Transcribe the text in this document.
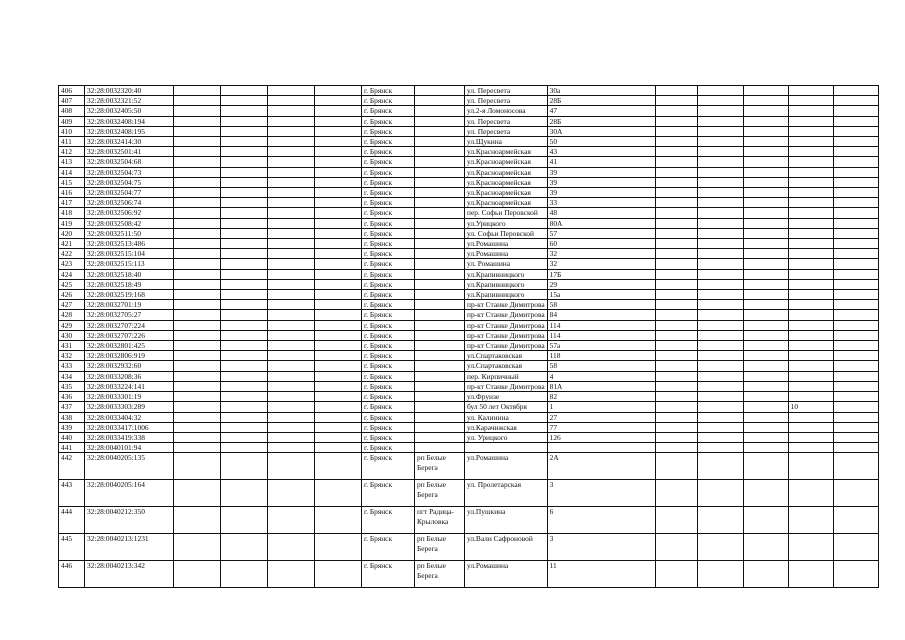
406	32:28:0032320:40					г. Брянск		ул. Пересвета	30а					
407	32:28:0032321:52					г. Брянск		ул. Пересвета	28Б					
408	32:28:0032405:50					г. Брянск		ул.2-я Ломоносова	47					
409	32:28:0032408:194					г. Брянск		ул. Пересвета	28Б					
410	32:28:0032408:195					г. Брянск		ул. Пересвета	30А					
411	32:28:0032414:30					г. Брянск		ул.Щукина	50					
412	32:28:0032501:41					г. Брянск		ул.Красноармейская	43					
413	32:28:0032504:68					г. Брянск		ул.Красноармейская	41					
414	32:28:0032504:73					г. Брянск		ул.Красноармейская	39					
415	32:28:0032504:75					г. Брянск		ул.Красноармейская	39					
416	32:28:0032504:77					г. Брянск		ул.Красноармейская	39					
417	32:28:0032506:74					г. Брянск		ул.Красноармейская	33					
418	32:28:0032506:92					г. Брянск		пер. Софьи Перовской	48					
419	32:28:0032508:42					г. Брянск		ул.Урицкого	80А					
420	32:28:0032511:50					г. Брянск		ул. Софьи Перовской	57					
421	32:28:0032513:486					г. Брянск		ул.Ромашина	60					
422	32:28:0032515:104					г. Брянск		ул.Ромашина	32					
423	32:28:0032515:113					г. Брянск		ул. Ромашина	32					
424	32:28:0032518:40					г. Брянск		ул.Крапивницкого	17Б					
425	32:28:0032518:49					г. Брянск		ул.Крапивницкого	29					
426	32:28:0032519:168					г. Брянск		ул.Крапивницкого	15а					
427	32:28:0032701:19					г. Брянск		пр-кт Станке Димитрова	58					
428	32:28:0032705:27					г. Брянск		пр-кт Станке Димитрова	84					
429	32:28:0032707:224					г. Брянск		пр-кт Станке Димитрова	114					
430	32:28:0032707:226					г. Брянск		пр-кт Станке Димитрова	114					
431	32:28:0032801:425					г. Брянск		пр-кт Станке Димитрова	57а					
432	32:28:0032806:919					г. Брянск		ул.Спартаковская	118					
433	32:28:0032932:60					г. Брянск		ул.Спартаковская	58					
434	32:28:0033208:36					г. Брянск		пер. Кирпичный	4					
435	32:28:0033224:141					г. Брянск		пр-кт Станке Димитрова	81А					
436	32:28:0033301:19					г. Брянск		ул.Фрунзе	82					
437	32:28:0033303:289					г. Брянск		бул 50 лет Октября	1				10	
438	32:28:0033404:32					г. Брянск		ул. Калинина	27					
439	32:28:0033417:1006					г. Брянск		ул.Карачижская	77					
440	32:28:0033419:338					г. Брянск		ул. Урицкого	126					
441	32:28:0040101:94					г. Брянск								
442	32:28:0040205:135					г. Брянск	рп Белые Берега	ул.Ромашина	2А					
443	32:28:0040205:164					г. Брянск	рп Белые Берега	ул. Пролетарская	3					
444	32:28:0040212:350					г. Брянск	пгт Радица-Крыловка	ул.Пушкина	6					
445	32:28:0040213:1231					г. Брянск	рп Белые Берега	ул.Вали Сафроновой	3					
446	32:28:0040213:342					г. Брянск	рп Белые Берега	ул.Ромашина	11					
